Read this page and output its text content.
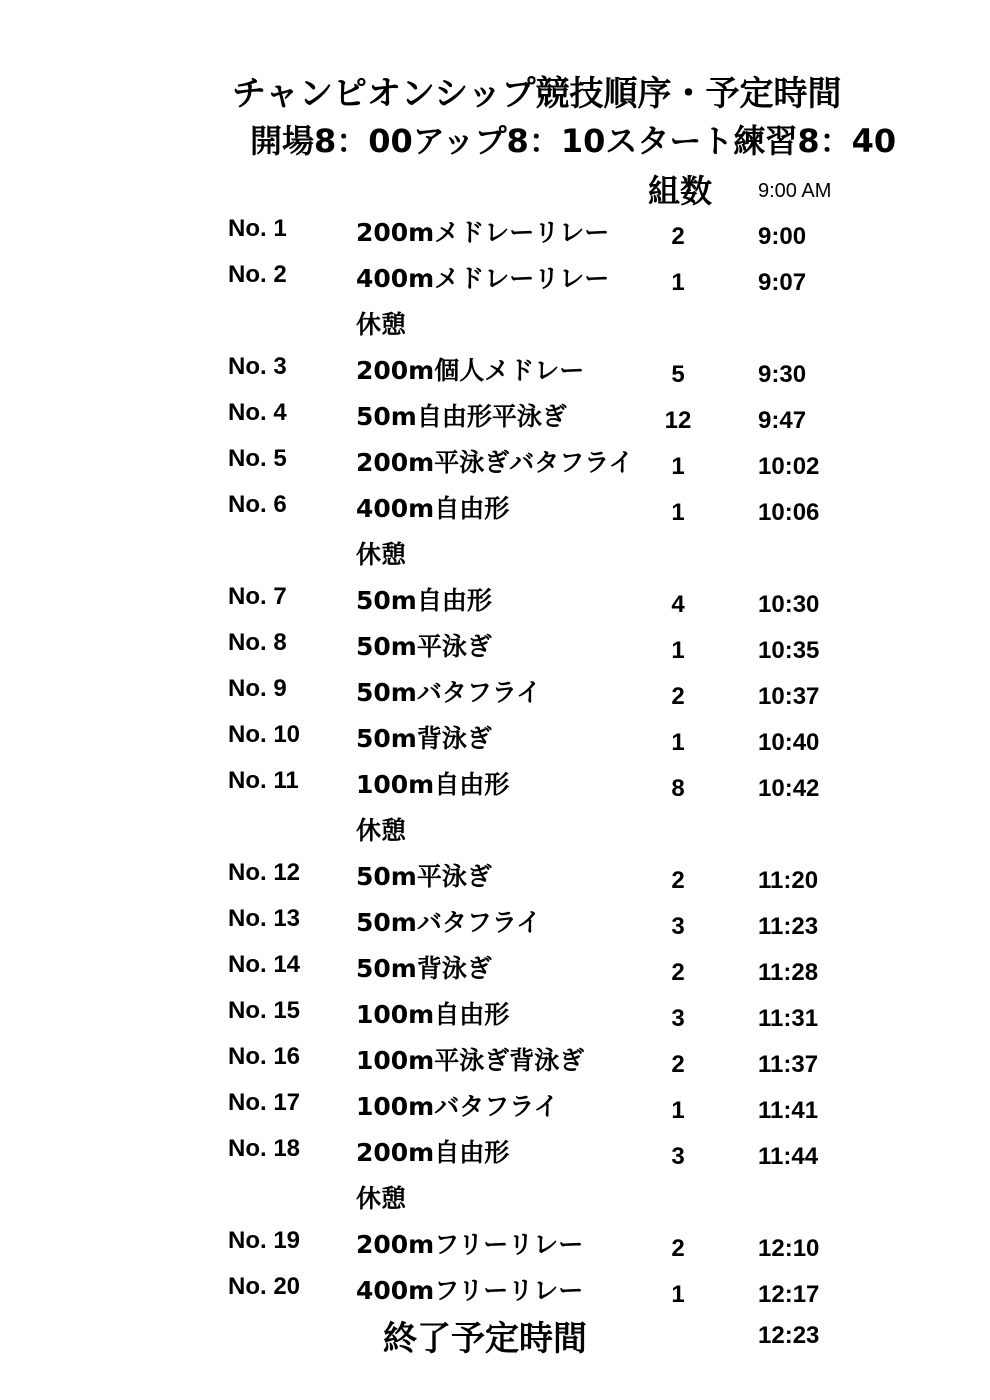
チャンピオンシップ競技順序・予定時間
開場8：00アップ8：10スタート練習8：40
組数 9:00 AM
No. 1	200mメドレーリレー	2	9:00
No. 2	400mメドレーリレー	1	9:07
休憩
No. 3	200m個人メドレー	5	9:30
No. 4	50m自由形平泳ぎ	12	9:47
No. 5	200m平泳ぎバタフライ	1	10:02
No. 6	400m自由形	1	10:06
休憩
No. 7	50m自由形	4	10:30
No. 8	50m平泳ぎ	1	10:35
No. 9	50mバタフライ	2	10:37
No. 10 50m背泳ぎ	1	10:40
No. 11 100m自由形	8	10:42
休憩
No. 12 50m平泳ぎ	2	11:20
No. 13 50mバタフライ	3	11:23
No. 14 50m背泳ぎ	2	11:28
No. 15 100m自由形	3	11:31
No. 16 100m平泳ぎ背泳ぎ	2	11:37
No. 17 100mバタフライ	1	11:41
No. 18 200m自由形	3	11:44
休憩
No. 19 200mフリーリレー	2	12:10
No. 20 400mフリーリレー	1	12:17
終了予定時間	12:23
